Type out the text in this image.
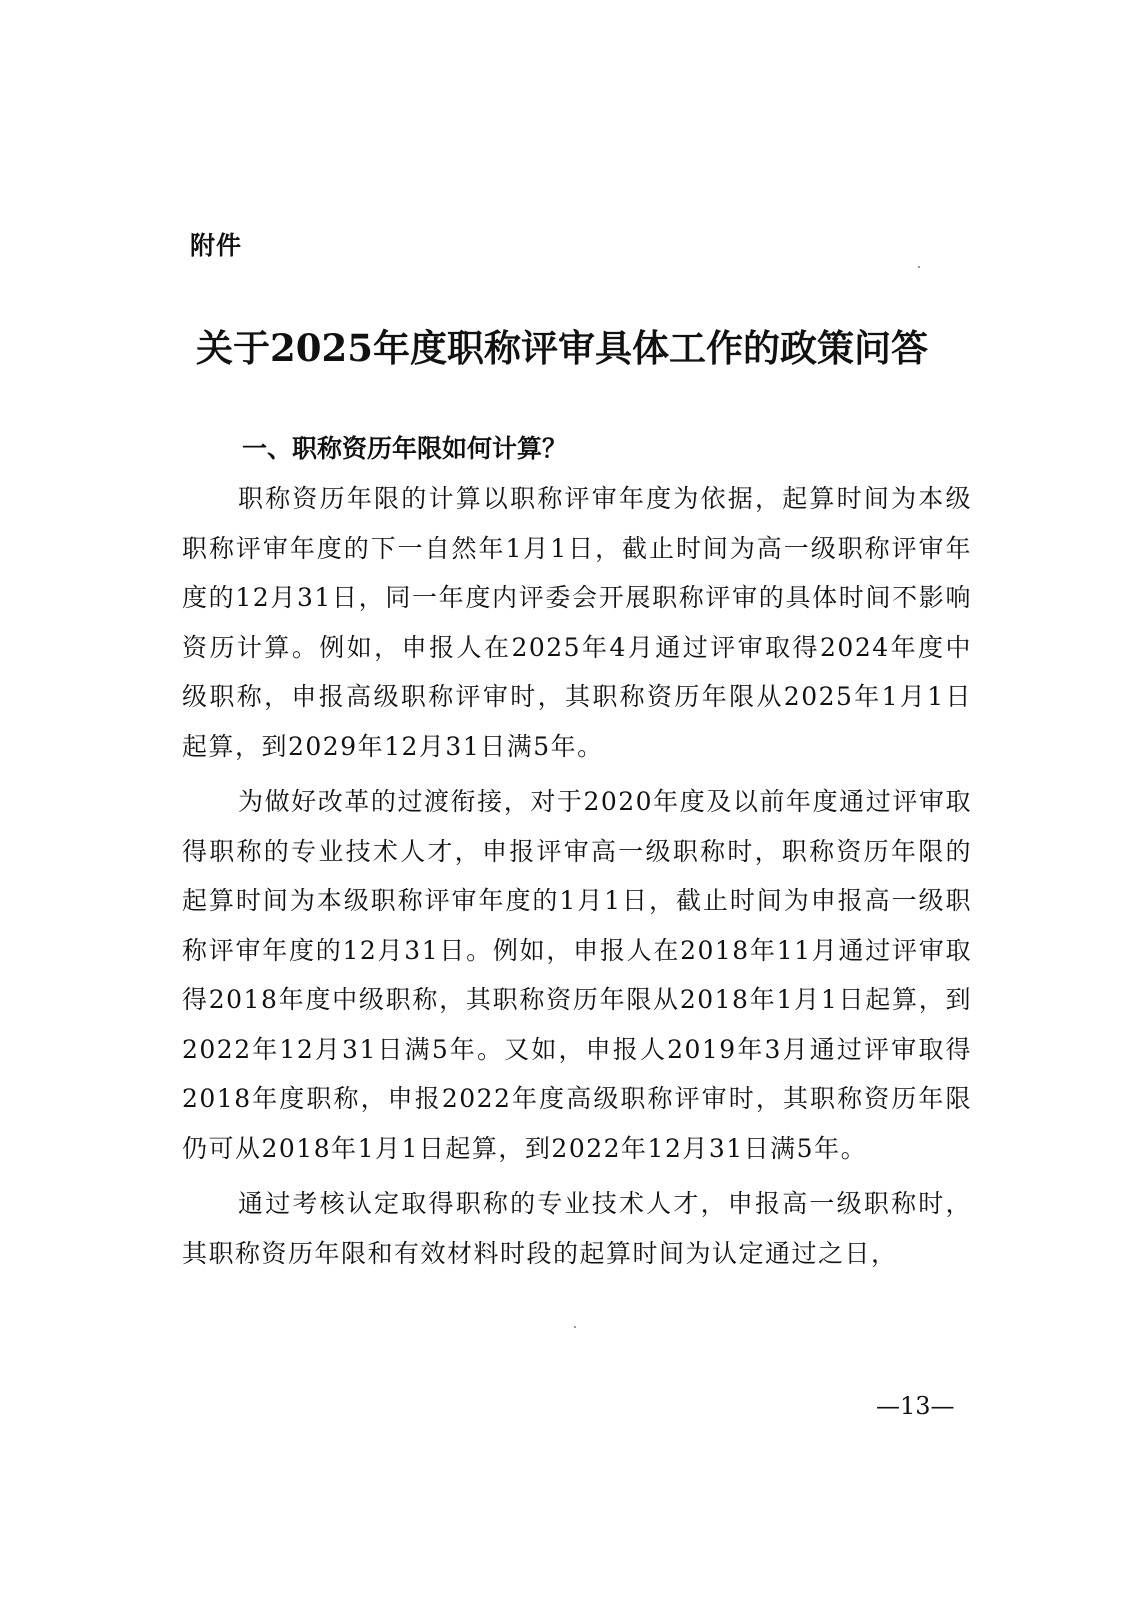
附件
关于2025年度职称评审具体工作的政策问答
一、职称资历年限如何计算？

职称资历年限的计算以职称评审年度为依据，起算时间为本级职称评审年度的下一自然年1月1日，截止时间为高一级职称评审年度的12月31日，同一年度内评委会开展职称评审的具体时间不影响资历计算。例如，申报人在2025年4月通过评审取得2024年度中级职称，申报高级职称评审时，其职称资历年限从2025年1月1日起算，到2029年12月31日满5年。

为做好改革的过渡衔接，对于2020年度及以前年度通过评审取得职称的专业技术人才，申报评审高一级职称时，职称资历年限的起算时间为本级职称评审年度的1月1日，截止时间为申报高一级职称评审年度的12月31日。例如，申报人在2018年11月通过评审取得2018年度中级职称，其职称资历年限从2018年1月1日起算，到2022年12月31日满5年。又如，申报人2019年3月通过评审取得2018年度职称，申报2022年度高级职称评审时，其职称资历年限仍可从2018年1月1日起算，到2022年12月31日满5年。

通过考核认定取得职称的专业技术人才，申报高一级职称时，其职称资历年限和有效材料时段的起算时间为认定通过之日，

—13—
